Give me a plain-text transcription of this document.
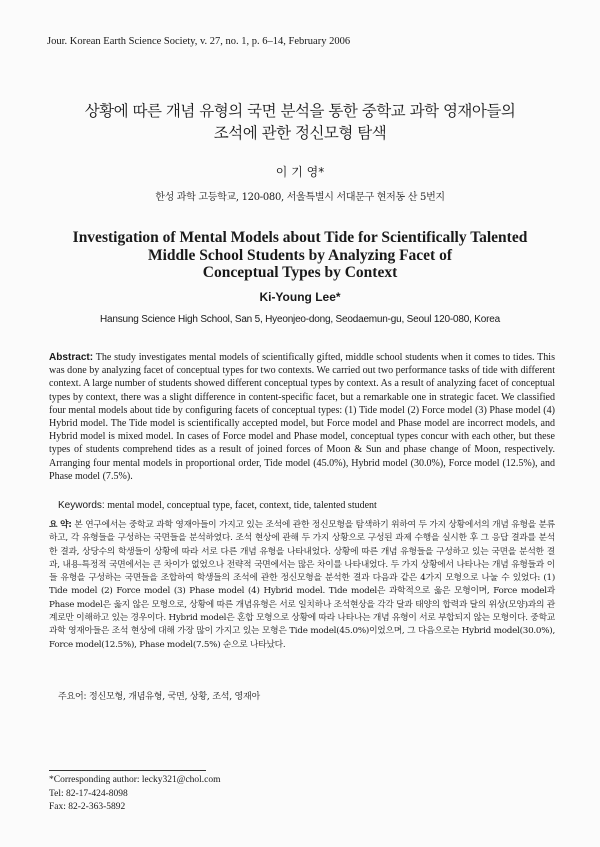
Jour. Korean Earth Science Society, v. 27, no. 1, p. 6–14, February 2006
상황에 따른 개념 유형의 국면 분석을 통한 중학교 과학 영재아들의
조석에 관한 정신모형 탐색
이 기 영*
한성 과학 고등학교, 120-080, 서울특별시 서대문구 현저동 산 5번지
Investigation of Mental Models about Tide for Scientifically Talented
Middle School Students by Analyzing Facet of
Conceptual Types by Context
Ki-Young Lee*
Hansung Science High School, San 5, Hyeonjeo-dong, Seodaemun-gu, Seoul 120-080, Korea
Abstract: The study investigates mental models of scientifically gifted, middle school students when it comes to tides. This was done by analyzing facet of conceptual types for two contexts. We carried out two performance tasks of tide with different context. A large number of students showed different conceptual types by context. As a result of analyzing facet of conceptual types by context, there was a slight difference in content-specific facet, but a remarkable one in strategic facet. We classified four mental models about tide by configuring facets of conceptual types: (1) Tide model (2) Force model (3) Phase model (4) Hybrid model. The Tide model is scientifically accepted model, but Force model and Phase model are incorrect models, and Hybrid model is mixed model. In cases of Force model and Phase model, conceptual types concur with each other, but these types of students comprehend tides as a result of joined forces of Moon & Sun and phase change of Moon, respectively. Arranging four mental models in proportional order, Tide model (45.0%), Hybrid model (30.0%), Force model (12.5%), and Phase model (7.5%).
Keywords: mental model, conceptual type, facet, context, tide, talented student
요 약: 본 연구에서는 중학교 과학 영재아들이 가지고 있는 조석에 관한 정신모형을 탐색하기 위하여 두 가지 상황에서의 개념 유형을 분류하고, 각 유형들을 구성하는 국면들을 분석하였다. 조석 현상에 관해 두 가지 상황으로 구성된 과제 수행을 실시한 후 그 응답 결과를 분석한 결과, 상당수의 학생들이 상황에 따라 서로 다른 개념 유형을 나타내었다. 상황에 따른 개념 유형들을 구성하고 있는 국면을 분석한 결과, 내용-특정적 국면에서는 큰 차이가 없었으나 전략적 국면에서는 많은 차이를 나타내었다. 두 가지 상황에서 나타나는 개념 유형들과 이들 유형을 구성하는 국면들을 조합하여 학생들의 조석에 관한 정신모형을 분석한 결과 다음과 같은 4가지 모형으로 나눌 수 있었다: (1) Tide model (2) Force model (3) Phase model (4) Hybrid model. Tide model은 과학적으로 옳은 모형이며, Force model과 Phase model은 옳지 않은 모형으로, 상황에 따른 개념유형은 서로 일치하나 조석현상을 각각 달과 태양의 합력과 달의 위상(모양)과의 관계로만 이해하고 있는 경우이다. Hybrid model은 혼합 모형으로 상황에 따라 나타나는 개념 유형이 서로 부합되지 않는 모형이다. 중학교 과학 영재아들은 조석 현상에 대해 가장 많이 가지고 있는 모형은 Tide model(45.0%)이었으며, 그 다음으로는 Hybrid model(30.0%), Force model(12.5%), Phase model(7.5%) 순으로 나타났다.
주요어: 정신모형, 개념유형, 국면, 상황, 조석, 영재아
*Corresponding author: lecky321@chol.com
Tel: 82-17-424-8098
Fax: 82-2-363-5892
